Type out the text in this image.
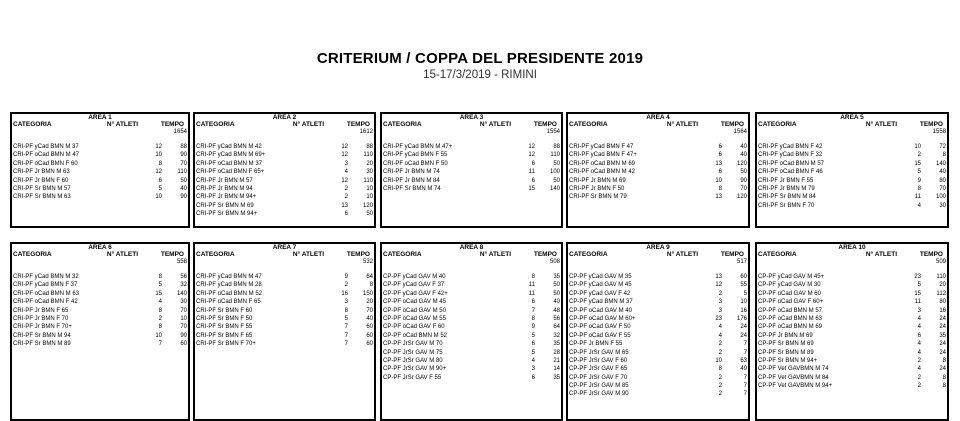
CRITERIUM / COPPA DEL PRESIDENTE 2019
15-17/3/2019 - RIMINI
AREA 1
CATEGORIA	N° ATLETI	TEMPO
1654
CRI-PF yCad BMN M 37	12	88
CRI-PF oCad BMN M 47	10	90
CRI-PF oCad BMN F 60	8	70
CRI-PF Jr BMN M 63	12	110
CRI-PF Jr BMN F 60	6	50
CRI-PF Sr BMN M 57	5	40
CRI-PF Sr BMN M 63	10	90
AREA 2
CATEGORIA	N° ATLETI	TEMPO
1612
CRI-PF yCad BMN M 42	12	88
CRI-PF yCad BMN M 69+	12	110
CRI-PF oCad BMN M 37	3	20
CRI-PF oCad BMN F 65+	4	30
CRI-PF Jr BMN M 57	12	110
CRI-PF Jr BMN M 94	2	10
CRI-PF Jr BMN M 94+	2	10
CRI-PF Sr BMN M 69	13 120
CRI-PF Sr BMN M 94+	6	50
AREA 3
CATEGORIA	N° ATLETI	TEMPO
1554
CRI-PF yCad BMN M 47+	12	88
CRI-PF yCad BMN F 55	12	110
CRI-PF oCad BMN F 50	6	50
CRI-PF Jr BMN M 74	11 100
CRI-PF Jr BMN M 84	6	50
CRI-PF Sr BMN M 74	15 140
AREA 4
CATEGORIA	N° ATLETI	TEMPO
1564
CRI-PF yCad BMN F 47	6	40
CRI-PF yCad BMN F 47+	6	40
CRI-PF oCad BMN M 69	13 120
CRI-PF oCad BMN M 42	6	50
CRI-PF Jr BMN M 69	10	90
CRI-PF Jr BMN F 50	8	70
CRI-PF Sr BMN M 79	13 120
AREA 5
CATEGORIA	N° ATLETI	TEMPO
1558
CRI-PF yCad BMN F 42	10	72
CRI-PF yCad BMN F 32	2	8
CRI-PF oCad BMN M 57	15 140
CRI-PF oCad BMN F 46	5	40
CRI-PF Jr BMN F 55	9	80
CRI-PF Jr BMN M 79	8	70
CRI-PF Sr BMN M 84	11 100
CRI-PF Sr BMN F 70	4	30
AREA 6
CATEGORIA	N° ATLETI	TEMPO
558
CRI-PF yCad BMN M 32	8	56
CRI-PF yCad BMN F 37	5	32
CRI-PF oCad BMN M 63	15 140
CRI-PF oCad BMN F 42	4	30
CRI-PF Jr BMN F 65	8	70
CRI-PF Jr BMN F 70	2	10
CRI-PF Jr BMN F 70+	8	70
CRI-PF Sr BMN M 94	10	90
CRI-PF Sr BMN M 89	7	60
AREA 7
CATEGORIA	N° ATLETI	TEMPO
532
CRI-PF yCad BMN M 47	9	64
CRI-PF yCad BMN M 28	2	8
CRI-PF oCad BMN M 52	16 150
CRI-PF oCad BMN F 65	3	20
CRI-PF Sr BMN F 60	8	70
CRI-PF Sr BMN F 50	5	40
CRI-PF Sr BMN F 55	7	60
CRI-PF Sr BMN F 65	7	60
CRI-PF Sr BMN F 70+	7	60
AREA 8
CATEGORIA	N° ATLETI	TEMPO
508
CP-PF yCad GAV M 40	8	35
CP-PF yCad GAV F 37	11	50
CP-PF yCad GAV F 42+	11	50
CP-PF oCad GAV M 45	6	40
CP-PF oCad GAV M 50	7	48
CP-PF oCad GAV M 55	8	56
CP-PF oCad GAV F 60	9	64
CP-PF oCad BMN M 52	5	32
CP-PF JrSr GAV M 70	6	35
CP-PF JrSr GAV M 75	5	28
CP-PF JrSr GAV M 80	4	21
CP-PF JrSr GAV M 90+	3	14
CP-PF JrSr GAV F 55	6	35
AREA 9
CATEGORIA	N° ATLETI	TEMPO
517
CP-PF yCad GAV M 35	13	60
CP-PF yCad GAV M 45	12	55
CP-PF yCad GAV F 42	2	5
CP-PF yCad BMN M 37	3	10
CP-PF oCad GAV M 40	3	16
CP-PF oCad GAV M 60+	23 176
CP-PF oCad GAV F 50	4	24
CP-PF oCad GAV F 55	4	24
CP-PF Jr BMN F 55	2	7
CP-PF JrSr GAV M 65	2	7
CP-PF JrSr GAV F 60	10	63
CP-PF JrSr GAV F 65	8	49
CP-PF JrSr GAV F 70	2	7
CP-PF JrSr GAV M 85	2	7
CP-PF JrSr GAV M 90	2	7
AREA 10
CATEGORIA	N° ATLETI	TEMPO
509
CP-PF yCad GAV M 45+	23	110
CP-PF yCad GAV M 30	5	20
CP-PF oCad GAV M 60	15	112
CP-PF oCad GAV F 60+	11	80
CP-PF oCad BMN M 57	3	16
CP-PF oCad BMN M 63	4	24
CP-PF oCad BMN M 69	4	24
CP-PF Jr BMN M 69	6	35
CP-PF Sr BMN M 69	4	24
CP-PF Sr BMN M 89	4	24
CP-PF Sr BMN M 94+	2	8
CP-PF Vet GAVBMN M 74	4	24
CP-PF Vet GAVBMN M 84	2	8
CP-PF Vet GAVBMN M 94+	2	8
